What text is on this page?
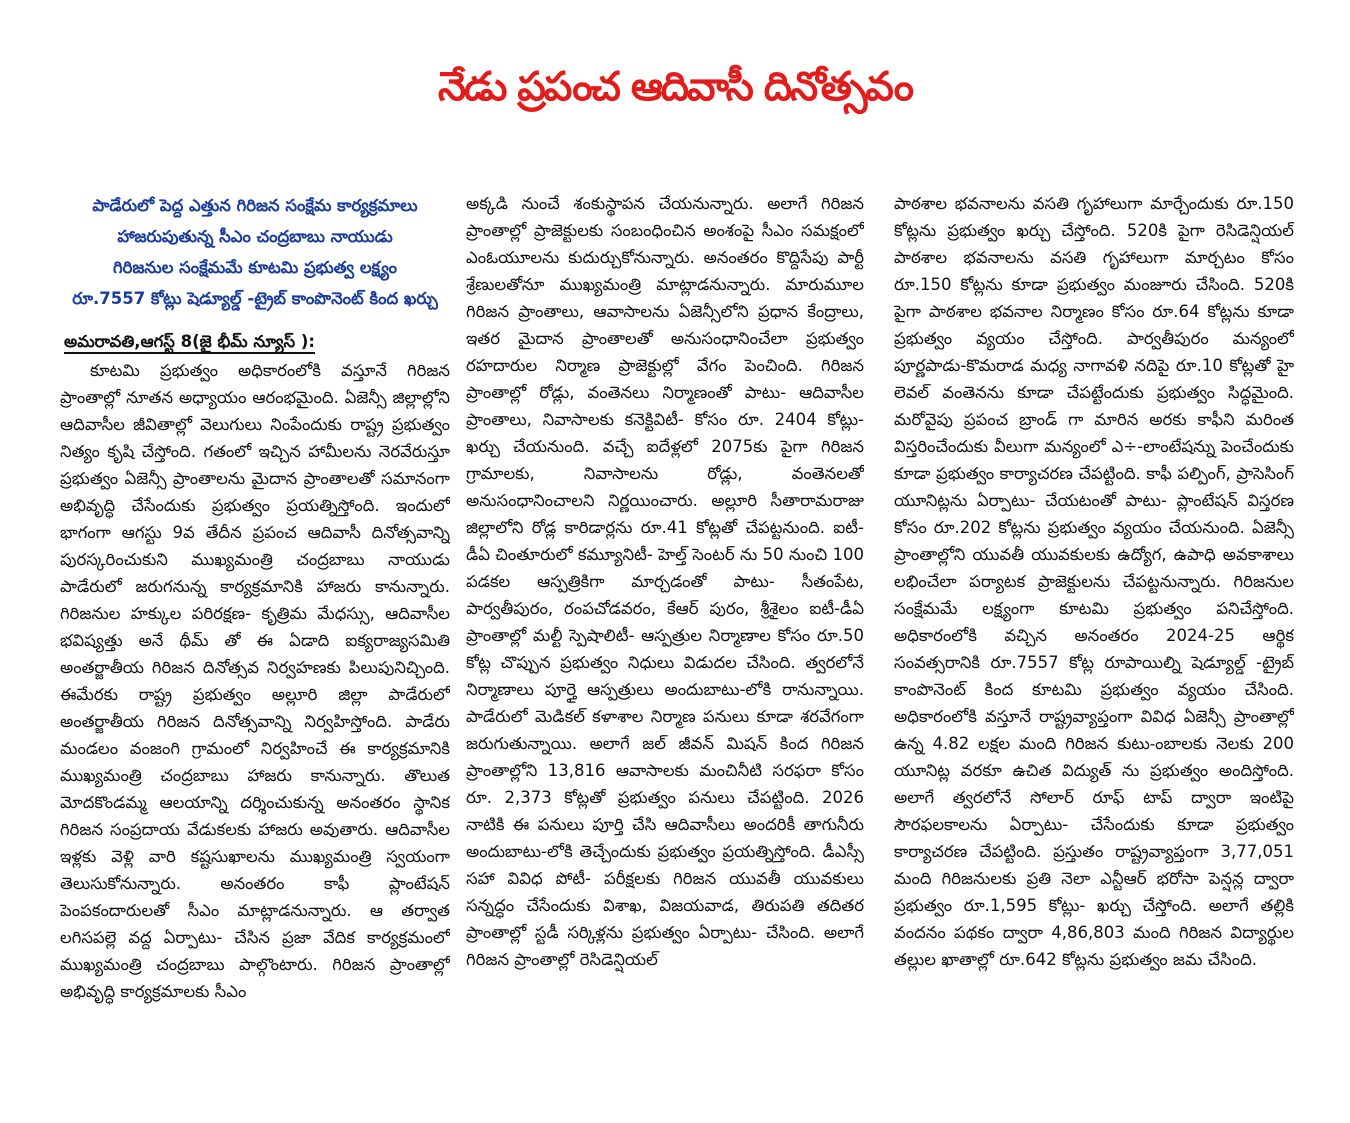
నేడు ప్రపంచ ఆదివాసీ దినోత్సవం
పాడేరులో పెద్ద ఎత్తున గిరిజన సంక్షేమ కార్యక్రమాలు
హాజరుపుతున్న సీఎం చంద్రబాబు నాయుడు
గిరిజనుల సంక్షేమమే కూటమి ప్రభుత్వ లక్ష్యం
రూ.7557 కోట్లు షెడ్యూల్డ్ -ట్రైబ్ కాంపొనెంట్ కింద ఖర్చు
అమరావతి,ఆగస్ట్ 8(జై భీమ్ న్యూస్ ):

కూటమి ప్రభుత్వం అధికారంలోకి వస్తూనే గిరిజన ప్రాంతాల్లో నూతన అధ్యాయం ఆరంభమైంది. ఏజెన్సీ జిల్లాల్లోని ఆదివాసీల జీవితాల్లో వెలుగులు నింపేందుకు రాష్ట్ర ప్రభుత్వం నిత్యం కృషి చేస్తోంది. గతంలో ఇచ్చిన హామీలను నెరవేరుస్తూ ప్రభుత్వం ఏజెన్సీ ప్రాంతాలను మైదాన ప్రాంతాలతో సమానంగా అభివృద్ధి చేసేందుకు ప్రభుత్వం ప్రయత్నిస్తోంది. ఇందులో భాగంగా ఆగస్టు 9వ తేదీన ప్రపంచ ఆదివాసీ దినోత్సవాన్ని పురస్కరించుకుని ముఖ్యమంత్రి చంద్రబాబు నాయుడు పాడేరులో జరుగనున్న కార్యక్రమానికి హాజరు కానున్నారు. గిరిజనుల హక్కుల పరిరక్షణ- కృత్రిమ మేధస్సు, ఆదివాసీల భవిష్యత్తు అనే థీమ్ తో ఈ ఏడాది ఐక్యరాజ్యసమితి అంతర్జాతీయ గిరిజన దినోత్సవ నిర్వహణకు పిలుపునిచ్చింది. ఈమేరకు రాష్ట్ర ప్రభుత్వం అల్లూరి జిల్లా పాడేరులో అంతర్జాతీయ గిరిజన దినోత్సవాన్ని నిర్వహిస్తోంది. పాడేరు మండలం వంజంగి గ్రామంలో నిర్వహించే ఈ కార్యక్రమానికి ముఖ్యమంత్రి చంద్రబాబు హాజరు కానున్నారు. తొలుత మోదకొండమ్మ ఆలయాన్ని దర్శించుకున్న అనంతరం స్థానిక గిరిజన సంప్రదాయ వేడుకలకు హాజరు అవుతారు. ఆదివాసీల ఇళ్లకు వెళ్లి వారి కష్టసుఖాలను ముఖ్యమంత్రి స్వయంగా తెలుసుకోనున్నారు. అనంతరం కాఫీ ప్లాంటేషన్ పెంపకందారులతో సీఎం మాట్లాడనున్నారు. ఆ తర్వాత లగిసపల్లె వద్ద ఏర్పాటు- చేసిన ప్రజా వేదిక కార్యక్రమంలో ముఖ్యమంత్రి చంద్రబాబు పాల్గొంటారు. గిరిజన ప్రాంతాల్లో అభివృద్ధి కార్యక్రమాలకు సీఎం

అక్కడి నుంచే శంకుస్థాపన చేయనున్నారు. అలాగే గిరిజన ప్రాంతాల్లో ప్రాజెక్టులకు సంబంధించిన అంశంపై సీఎం సమక్షంలో ఎంఓయూలను కుదుర్చుకోనున్నారు. అనంతరం కొద్దిసేపు పార్టీ శ్రేణులతోనూ ముఖ్యమంత్రి మాట్లాడనున్నారు. మారుమూల గిరిజన ప్రాంతాలు, ఆవాసాలను ఏజెన్సీలోని ప్రధాన కేంద్రాలు, ఇతర మైదాన ప్రాంతాలతో అనుసంధానించేలా ప్రభుత్వం రహదారుల నిర్మాణ ప్రాజెక్టుల్లో వేగం పెంచింది. గిరిజన ప్రాంతాల్లో రోడ్లు, వంతెనలు నిర్మాణంతో పాటు- ఆదివాసీల ప్రాంతాలు, నివాసాలకు కనెక్టివిటీ- కోసం రూ. 2404 కోట్లు- ఖర్చు చేయనుంది. వచ్చే ఐదేళ్లలో 2075కు పైగా గిరిజన గ్రామాలకు, నివాసాలను రోడ్లు, వంతెనలతో అనుసంధానించాలని నిర్ణయించారు. అల్లూరి సీతారామరాజు జిల్లాలోని రోడ్ల కారిడార్లను రూ.41 కోట్లతో చేపట్టనుంది. ఐటీ-డీఏ చింతూరులో కమ్యూనిటీ- హెల్త్ సెంటర్ ను 50 నుంచి 100 పడకల ఆస్పత్రికిగా మార్చడంతో పాటు- సీతంపేట, పార్వతీపురం, రంపచోడవరం, కేఆర్ పురం, శ్రీశైలం ఐటీ-డీఏ ప్రాంతాల్లో మల్టీ స్పెషాలిటీ- ఆస్పత్రుల నిర్మాణాల కోసం రూ.50 కోట్ల చొప్పున ప్రభుత్వం నిధులు విడుదల చేసింది. త్వరలోనే నిర్మాణాలు పూర్తై ఆస్పత్రులు అందుబాటు-లోకి రానున్నాయి. పాడేరులో మెడికల్ కళాశాల నిర్మాణ పనులు కూడా శరవేగంగా జరుగుతున్నాయి. అలాగే జల్ జీవన్ మిషన్ కింద గిరిజన ప్రాంతాల్లోని 13,816 ఆవాసాలకు మంచినీటి సరఫరా కోసం రూ. 2,373 కోట్లతో ప్రభుత్వం పనులు చేపట్టింది. 2026 నాటికి ఈ పనులు పూర్తి చేసి ఆదివాసీలు అందరికీ తాగునీరు అందుబాటు-లోకి తెచ్చేందుకు ప్రభుత్వం ప్రయత్నిస్తోంది. డీఎస్సీ సహా వివిధ పోటీ- పరీక్షలకు గిరిజన యువతీ యువకులు సన్నద్ధం చేసేందుకు విశాఖ, విజయవాడ, తిరుపతి తదితర ప్రాంతాల్లో స్టడీ సర్కిళ్లను ప్రభుత్వం ఏర్పాటు- చేసింది. అలాగే గిరిజన ప్రాంతాల్లో రెసిడెన్షియల్

పాఠశాల భవనాలను వసతి గృహాలుగా మార్చేందుకు రూ.150 కోట్లను ప్రభుత్వం ఖర్చు చేస్తోంది. 520కి పైగా రెసిడెన్షియల్ పాఠశాల భవనాలను వసతి గృహాలుగా మార్చటం కోసం రూ.150 కోట్లను కూడా ప్రభుత్వం మంజూరు చేసింది. 520కి పైగా పాఠశాల భవనాల నిర్మాణం కోసం రూ.64 కోట్లను కూడా ప్రభుత్వం వ్యయం చేస్తోంది. పార్వతీపురం మన్యంలో పూర్ణపాడు-కొమరాడ మధ్య నాగావళి నదిపై రూ.10 కోట్లతో హై లెవల్ వంతెనను కూడా చేపట్టేందుకు ప్రభుత్వం సిద్ధమైంది. మరోవైపు ప్రపంచ బ్రాండ్ గా మారిన అరకు కాఫీని మరింత విస్తరించేందుకు వీలుగా మన్యంలో ఎ÷-లాంటేషన్ను పెంచేందుకు కూడా ప్రభుత్వం కార్యాచరణ చేపట్టింది. కాఫీ పల్పింగ్, ప్రాసెసింగ్ యూనిట్లను ఏర్పాటు- చేయటంతో పాటు- ప్లాంటేషన్ విస్తరణ కోసం రూ.202 కోట్లను ప్రభుత్వం వ్యయం చేయనుంది. ఏజెన్సీ ప్రాంతాల్లోని యువతీ యువకులకు ఉద్యోగ, ఉపాధి అవకాశాలు లభించేలా పర్యాటక ప్రాజెక్టులను చేపట్టనున్నారు. గిరిజనుల సంక్షేమమే లక్ష్యంగా కూటమి ప్రభుత్వం పనిచేస్తోంది. అధికారంలోకి వచ్చిన అనంతరం 2024-25 ఆర్థిక సంవత్సరానికి రూ.7557 కోట్ల రూపాయిల్ని షెడ్యూల్డ్ -ట్రైబ్ కాంపొనెంట్ కింద కూటమి ప్రభుత్వం వ్యయం చేసింది. అధికారంలోకి వస్తూనే రాష్ట్రవ్యాప్తంగా వివిధ ఏజెన్సీ ప్రాంతాల్లో ఉన్న 4.82 లక్షల మంది గిరిజన కుటు-ంబాలకు నెలకు 200 యూనిట్ల వరకూ ఉచిత విద్యుత్ ను ప్రభుత్వం అందిస్తోంది. అలాగే త్వరలోనే సోలార్ రూఫ్ టాప్ ద్వారా ఇంటిపై సౌరఫలకాలను ఏర్పాటు- చేసేందుకు కూడా ప్రభుత్వం కార్యాచరణ చేపట్టింది. ప్రస్తుతం రాష్ట్రవ్యాప్తంగా 3,77,051 మంది గిరిజనులకు ప్రతి నెలా ఎన్టీఆర్ భరోసా పెన్షన్ల ద్వారా ప్రభుత్వం రూ.1,595 కోట్లు- ఖర్చు చేస్తోంది. అలాగే తల్లికి వందనం పథకం ద్వారా 4,86,803 మంది గిరిజన విద్యార్థుల తల్లుల ఖాతాల్లో రూ.642 కోట్లను ప్రభుత్వం జమ చేసింది.
